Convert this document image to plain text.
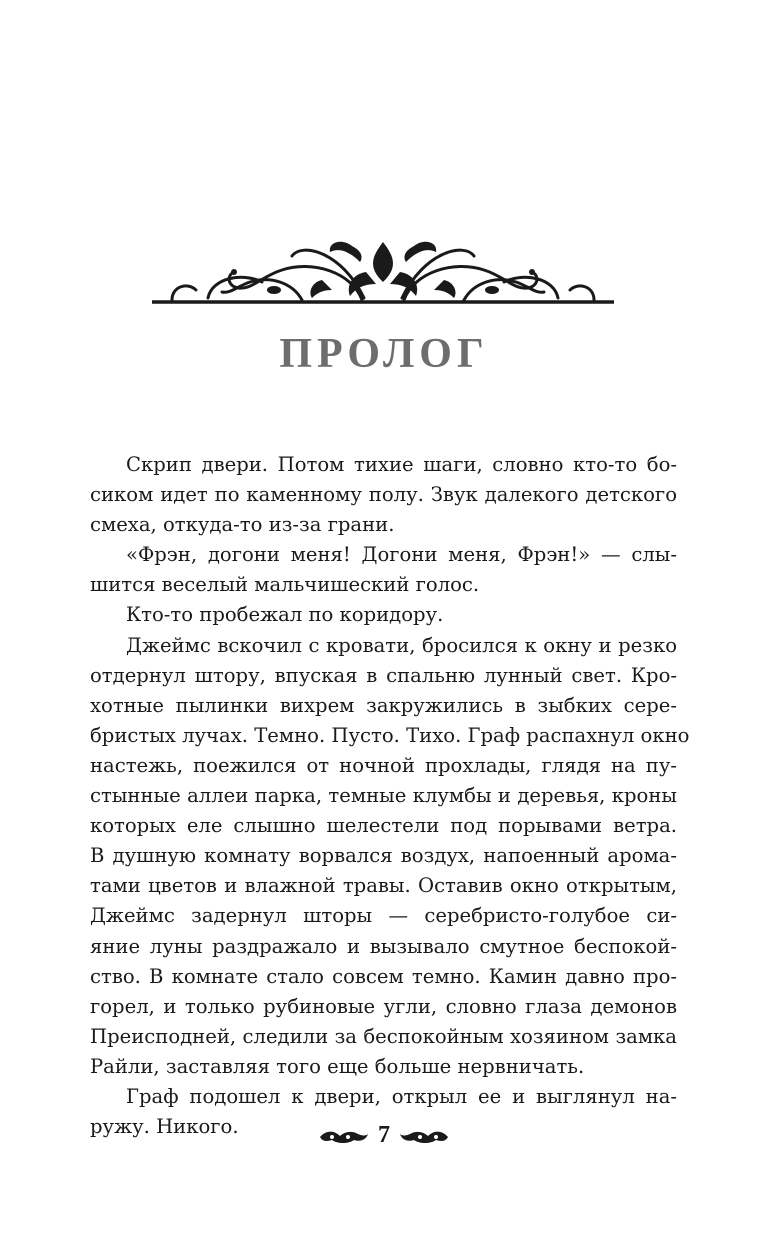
ПРОЛОГ
Скрип двери. Потом тихие шаги, словно кто-то бо-
сиком идет по каменному полу. Звук далекого детского
смеха, откуда-то из-за грани.
«Фрэн, догони меня! Догони меня, Фрэн!» — слы-
шится веселый мальчишеский голос.
Кто-то пробежал по коридору.
Джеймс вскочил с кровати, бросился к окну и резко
отдернул штору, впуская в спальню лунный свет. Кро-
хотные пылинки вихрем закружились в зыбких сере-
бристых лучах. Темно. Пусто. Тихо. Граф распахнул окно
настежь, поежился от ночной прохлады, глядя на пу-
стынные аллеи парка, темные клумбы и деревья, кроны
которых еле слышно шелестели под порывами ветра.
В душную комнату ворвался воздух, напоенный арома-
тами цветов и влажной травы. Оставив окно открытым,
Джеймс задернул шторы — серебристо-голубое си-
яние луны раздражало и вызывало смутное беспокой-
ство. В комнате стало совсем темно. Камин давно про-
горел, и только рубиновые угли, словно глаза демонов
Преисподней, следили за беспокойным хозяином замка
Райли, заставляя того еще больше нервничать.
Граф подошел к двери, открыл ее и выглянул на-
ружу. Никого.	7
